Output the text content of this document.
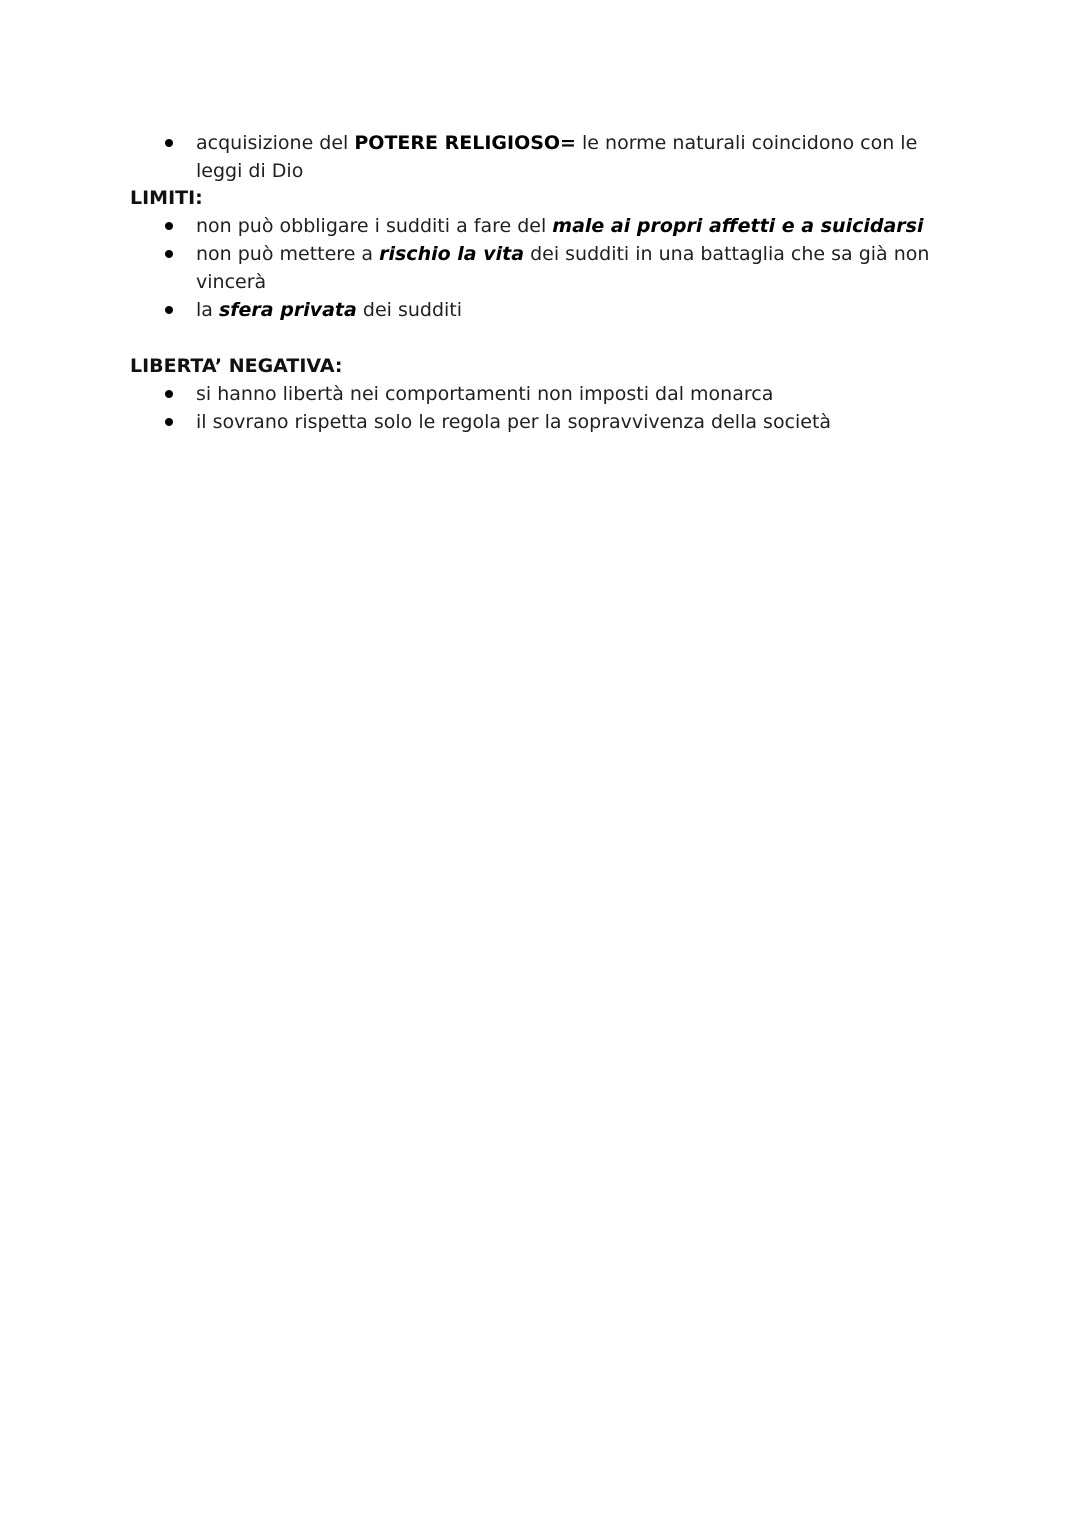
acquisizione del POTERE RELIGIOSO= le norme naturali coincidono con le leggi di Dio
LIMITI:
non può obbligare i sudditi a fare del male ai propri affetti e a suicidarsi
non può mettere a rischio la vita dei sudditi in una battaglia che sa già non vincerà
la sfera privata dei sudditi
LIBERTA’ NEGATIVA:
si hanno libertà nei comportamenti non imposti dal monarca
il sovrano rispetta solo le regola per la sopravvivenza della società
